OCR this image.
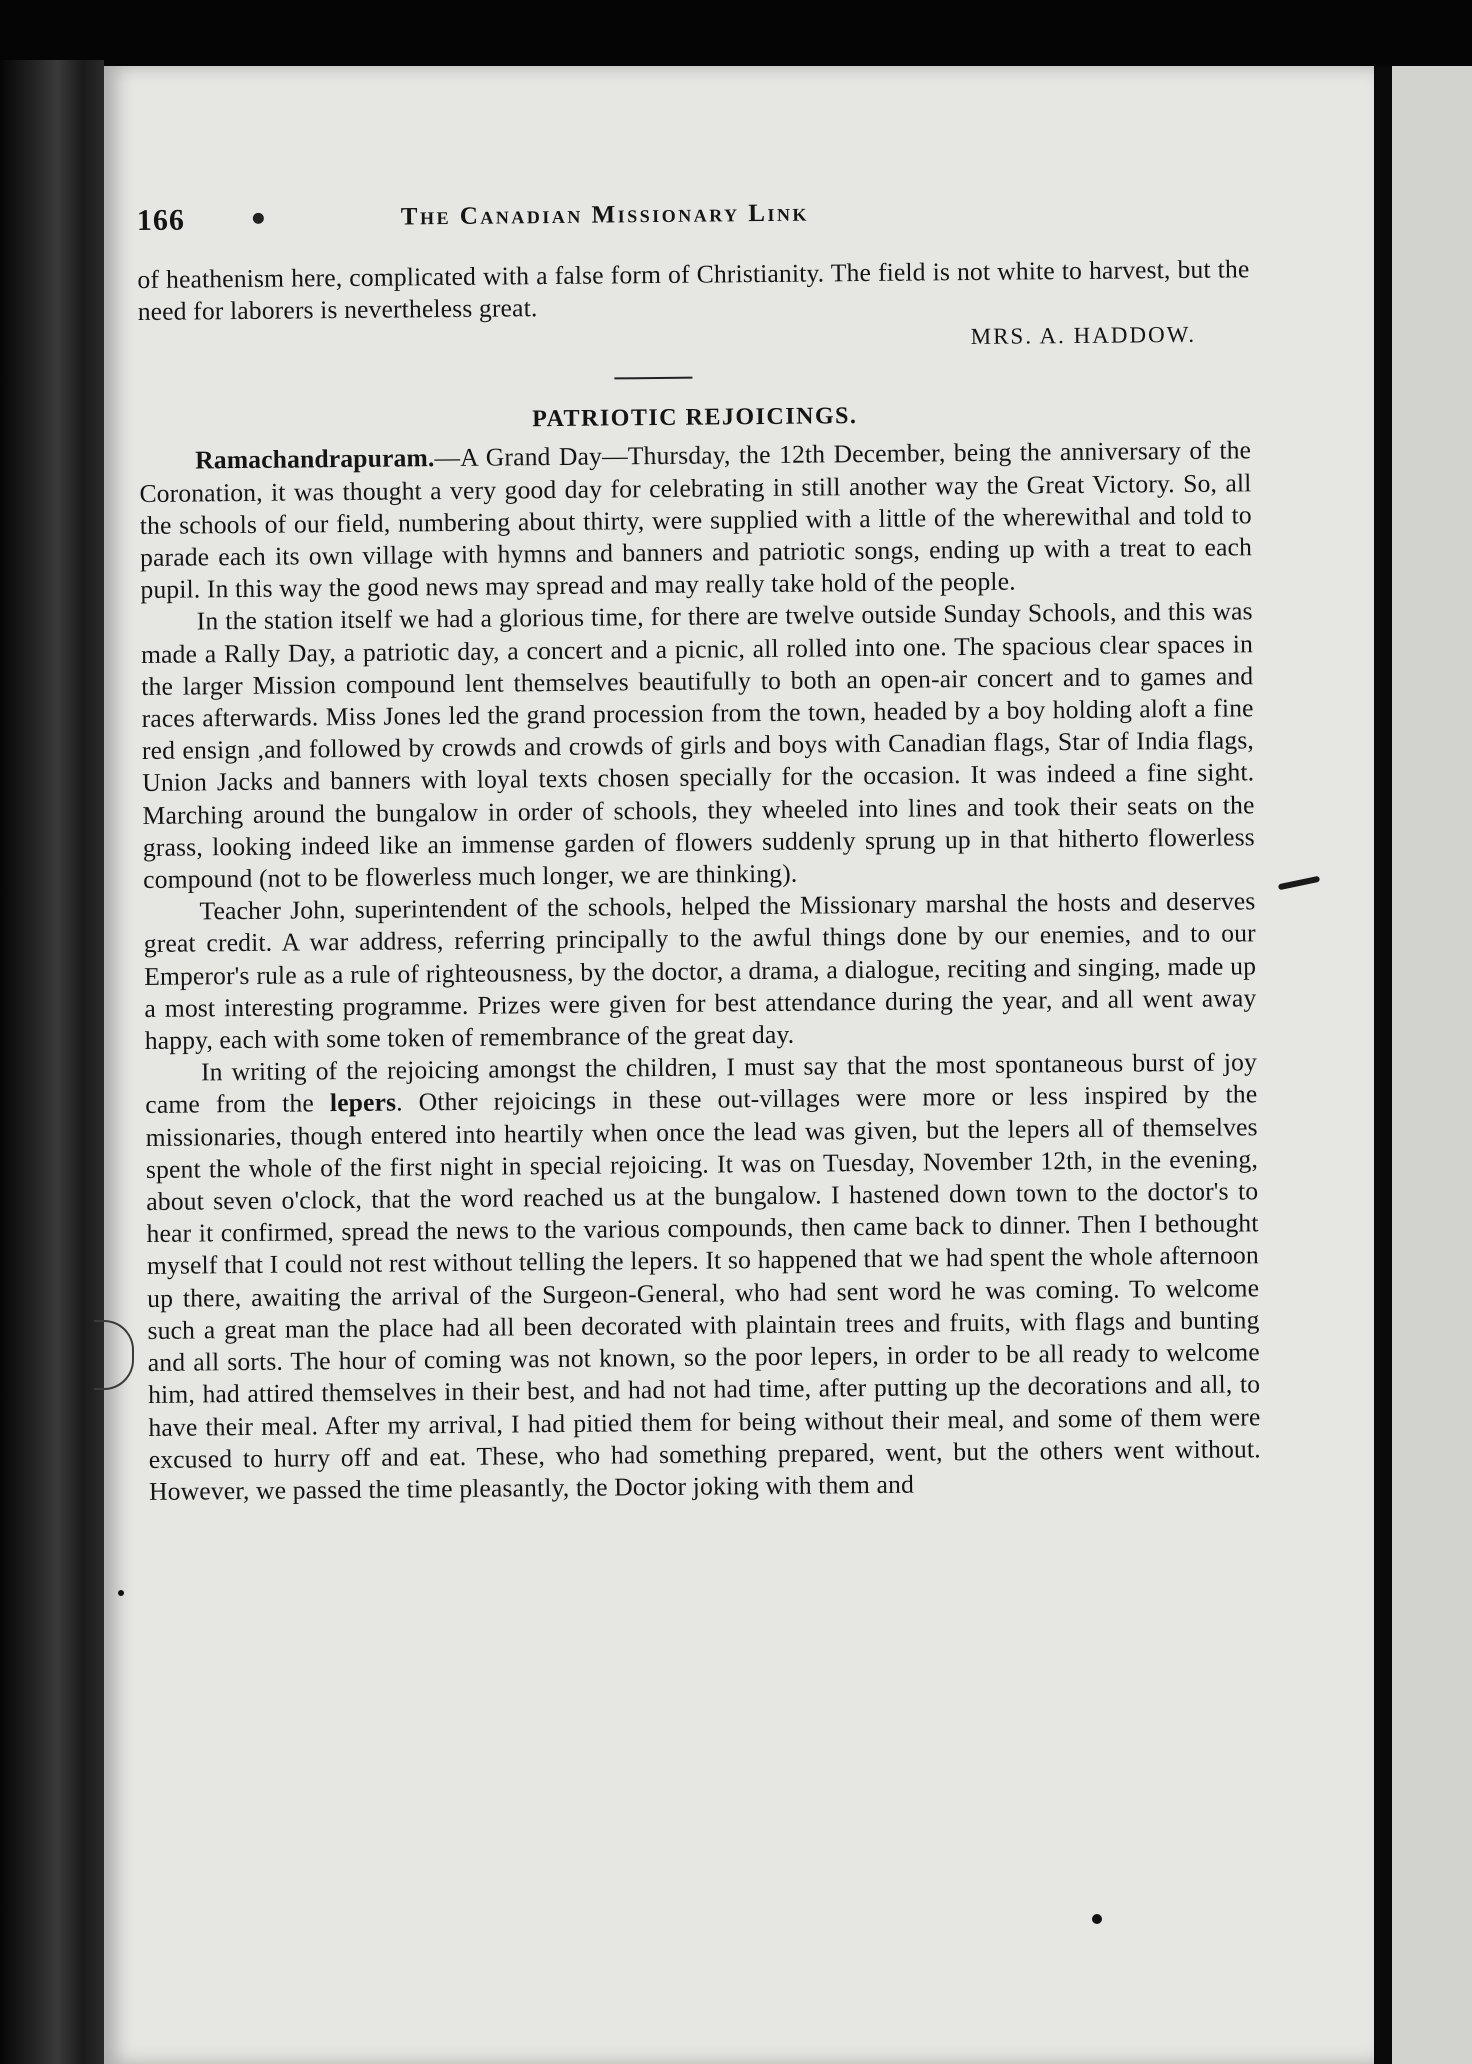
166	The Canadian Missionary Link

of heathenism here, complicated with a false form of Christianity. The field is not white to harvest, but the need for laborers is nevertheless great.

MRS. A. HADDOW.
PATRIOTIC REJOICINGS.

Ramachandrapuram.—A Grand Day—Thursday, the 12th December, being the anniversary of the Coronation, it was thought a very good day for celebrating in still another way the Great Victory. So, all the schools of our field, numbering about thirty, were supplied with a little of the wherewithal and told to parade each its own village with hymns and banners and patriotic songs, ending up with a treat to each pupil. In this way the good news may spread and may really take hold of the people.

In the station itself we had a glorious time, for there are twelve outside Sunday Schools, and this was made a Rally Day, a patriotic day, a concert and a picnic, all rolled into one. The spacious clear spaces in the larger Mission compound lent themselves beautifully to both an open-air concert and to games and races afterwards. Miss Jones led the grand procession from the town, headed by a boy holding aloft a fine red ensign ,and followed by crowds and crowds of girls and boys with Canadian flags, Star of India flags, Union Jacks and banners with loyal texts chosen specially for the occasion. It was indeed a fine sight. Marching around the bungalow in order of schools, they wheeled into lines and took their seats on the grass, looking indeed like an immense garden of flowers suddenly sprung up in that hitherto flowerless compound (not to be flowerless much longer, we are thinking).

Teacher John, superintendent of the schools, helped the Missionary marshal the hosts and deserves great credit. A war address, referring principally to the awful things done by our enemies, and to our Emperor's rule as a rule of righteousness, by the doctor, a drama, a dialogue, reciting and singing, made up a most interesting programme. Prizes were given for best attendance during the year, and all went away happy, each with some token of remembrance of the great day.

In writing of the rejoicing amongst the children, I must say that the most spontaneous burst of joy came from the lepers. Other rejoicings in these out-villages were more or less inspired by the missionaries, though entered into heartily when once the lead was given, but the lepers all of themselves spent the whole of the first night in special rejoicing. It was on Tuesday, November 12th, in the evening, about seven o'clock, that the word reached us at the bungalow. I hastened down town to the doctor's to hear it confirmed, spread the news to the various compounds, then came back to dinner. Then I bethought myself that I could not rest without telling the lepers. It so happened that we had spent the whole afternoon up there, awaiting the arrival of the Surgeon-General, who had sent word he was coming. To welcome such a great man the place had all been decorated with plaintain trees and fruits, with flags and bunting and all sorts. The hour of coming was not known, so the poor lepers, in order to be all ready to welcome him, had attired themselves in their best, and had not had time, after putting up the decorations and all, to have their meal. After my arrival, I had pitied them for being without their meal, and some of them were excused to hurry off and eat. These, who had something prepared, went, but the others went without. However, we passed the time pleasantly, the Doctor joking with them and
